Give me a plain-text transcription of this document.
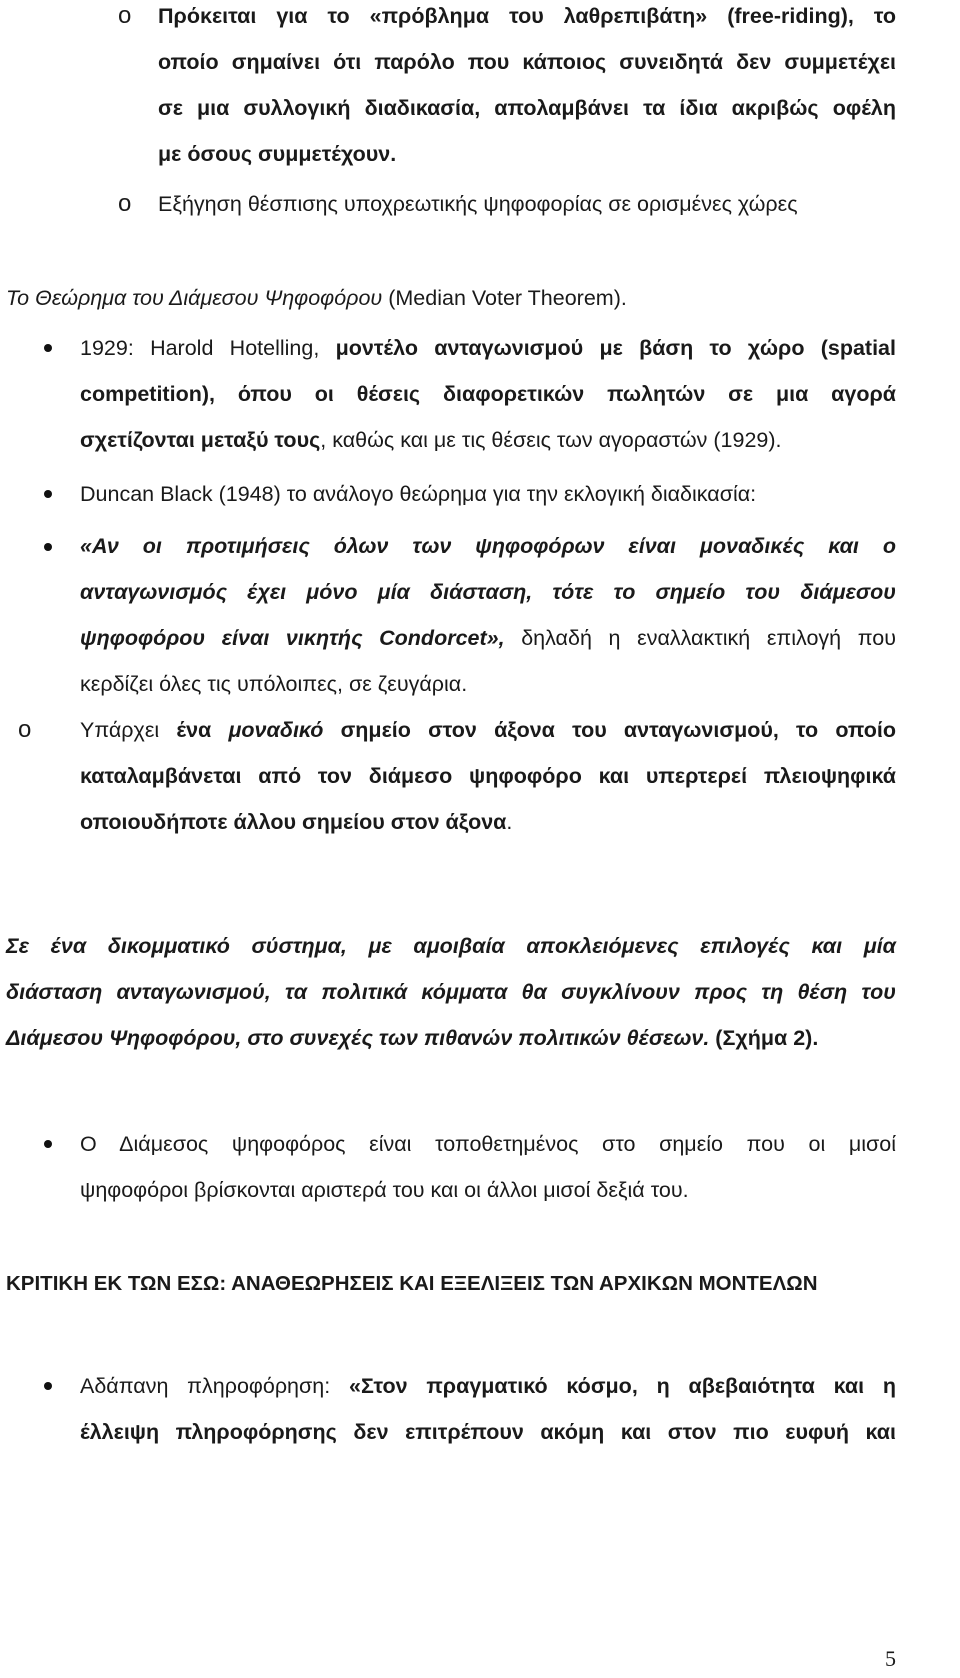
o Πρόκειται για το «πρόβλημα του λαθρεπιβάτη» (free-riding), το
οποίο σημαίνει ότι παρόλο που κάποιος συνειδητά δεν συμμετέχει
σε μια συλλογική διαδικασία, απολαμβάνει τα ίδια ακριβώς οφέλη
με όσους συμμετέχουν.
o Εξήγηση θέσπισης υποχρεωτικής ψηφοφορίας σε ορισμένες χώρες
Το Θεώρημα του Διάμεσου Ψηφοφόρου (Median Voter Theorem).
1929: Harold Hotelling, μοντέλο ανταγωνισμού με βάση το χώρο (spatial
competition), όπου οι θέσεις διαφορετικών πωλητών σε μια αγορά
σχετίζονται μεταξύ τους, καθώς και με τις θέσεις των αγοραστών (1929).
Duncan Black (1948) το ανάλογο θεώρημα για την εκλογική διαδικασία:
«Αν οι προτιμήσεις όλων των ψηφοφόρων είναι μοναδικές και ο
ανταγωνισμός έχει μόνο μία διάσταση, τότε το σημείο του διάμεσου
ψηφοφόρου είναι νικητής Condorcet», δηλαδή η εναλλακτική επιλογή που
κερδίζει όλες τις υπόλοιπες, σε ζευγάρια.
o Υπάρχει ένα μοναδικό σημείο στον άξονα του ανταγωνισμού, το οποίο
καταλαμβάνεται από τον διάμεσο ψηφοφόρο και υπερτερεί πλειοψηφικά
οποιουδήποτε άλλου σημείου στον άξονα.
Σε ένα δικομματικό σύστημα, με αμοιβαία αποκλειόμενες επιλογές και μία
διάσταση ανταγωνισμού, τα πολιτικά κόμματα θα συγκλίνουν προς τη θέση του
Διάμεσου Ψηφοφόρου, στο συνεχές των πιθανών πολιτικών θέσεων. (Σχήμα 2).
Ο Διάμεσος ψηφοφόρος είναι τοποθετημένος στο σημείο που οι μισοί
ψηφοφόροι βρίσκονται αριστερά του και οι άλλοι μισοί δεξιά του.
ΚΡΙΤΙΚΗ ΕΚ ΤΩΝ ΕΣΩ: ΑΝΑΘΕΩΡΗΣΕΙΣ ΚΑΙ ΕΞΕΛΙΞΕΙΣ ΤΩΝ ΑΡΧΙΚΩΝ ΜΟΝΤΕΛΩΝ
Αδάπανη πληροφόρηση: «Στον πραγματικό κόσμο, η αβεβαιότητα και η
έλλειψη πληροφόρησης δεν επιτρέπουν ακόμη και στον πιο ευφυή και
5
